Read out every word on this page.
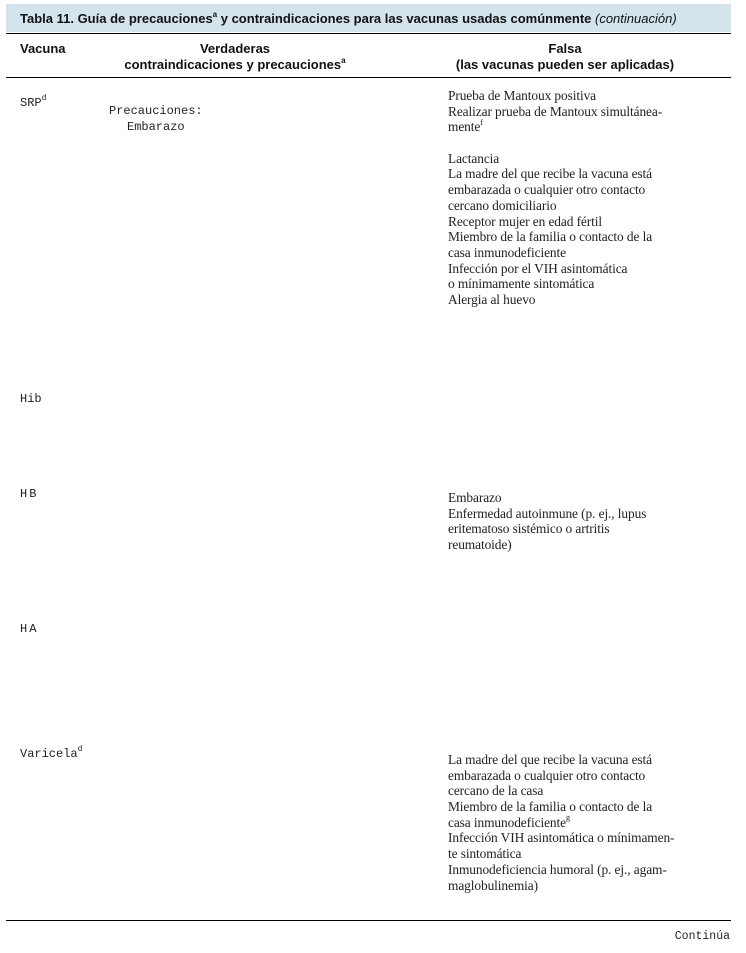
Tabla 11. Guía de precauciones$^a$ y contraindicaciones para las vacunas usadas comúnmente (continuación)
Vacuna	Verdaderas
contraindicaciones y precauciones$^a$
Falsa
(las vacunas pueden ser aplicadas)
SRP$^d$
Precauciones:
Embarazo
Prueba de Mantoux positiva
Realizar prueba de Mantoux simultánea-
mente$^f$
Lactancia
La madre del que recibe la vacuna está
embarazada o cualquier otro contacto
cercano domiciliario
Receptor mujer en edad fértil
Miembro de la familia o contacto de la
casa inmunodeficiente
Infección por el VIH asintomática
o mínimamente sintomática
Alergia al huevo
Hib
HB	Embarazo
Enfermedad autoinmune (p. ej., lupus
eritematoso sistémico o artritis
reumatoide)
HA
Varicela$^d$
La madre del que recibe la vacuna está
embarazada o cualquier otro contacto
cercano de la casa
Miembro de la familia o contacto de la
casa inmunodeficiente$^g$
Infección VIH asintomática o mínimamen-
te sintomática
Inmunodeficiencia humoral (p. ej., agam-
maglobulinemia)
Continúa
